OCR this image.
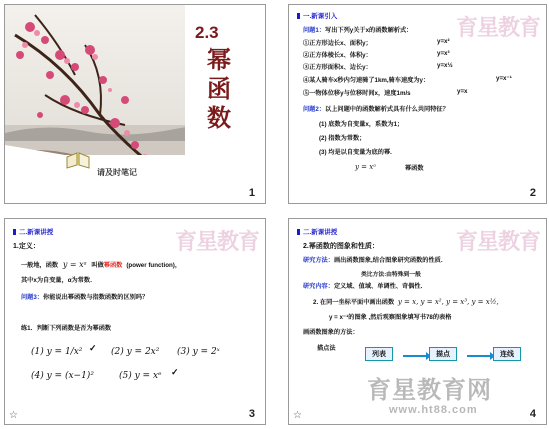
2.3
幂
函
数
请及时笔记
1
育星教育
一.新课引入
问题1：写出下列y关于x的函数解析式：
①正方形边长x、面积y；	y=x²
②正方体棱长x、体积y：	y=x³
③正方形面积x、边长y：	y=x½
④某人骑车x秒内匀速骑了1km,骑车速度为y：	y=x⁻¹
⑤一物体位移y与位移时间x，速度1m/s	y=x
问题2：以上问题中的函数解析式具有什么共同特征？
(1) 底数为自变量x，系数为1；
(2) 指数为常数；
(3) 均是以自变量为底的幂.
y = xᵃ	幂函数
2
育星教育
二.新课讲授
1.定义：
一般地，函数 y = xᵃ 叫做幂函数 (power function)，
其中x为自变量，α为常数．
问题3：你能说出幂函数与指数函数的区别吗？
练1．判断下列函数是否为幂函数
(1) y = 1/x² ✓ (2) y = 2x² (3) y = 2ˣ
(4) y = (x−1)²	(5) y = xᵉ ✓
☆	3
育星教育
二.新课讲授
2.幂函数的图象和性质：
研究方法：画出函数图象,结合图象研究函数的性质.
类比方法:由特殊到一般
研究内容：定义域、值域、单调性、奇偶性．
2. 在同一坐标平面中画出函数 y = x, y = x², y = x³, y = x½,
y = x⁻¹的图象 ,然后观察图象填写书78的表格
画函数图象的方法：
描点法
列表	描点	连线
育星教育网
www.ht88.com
☆	4
